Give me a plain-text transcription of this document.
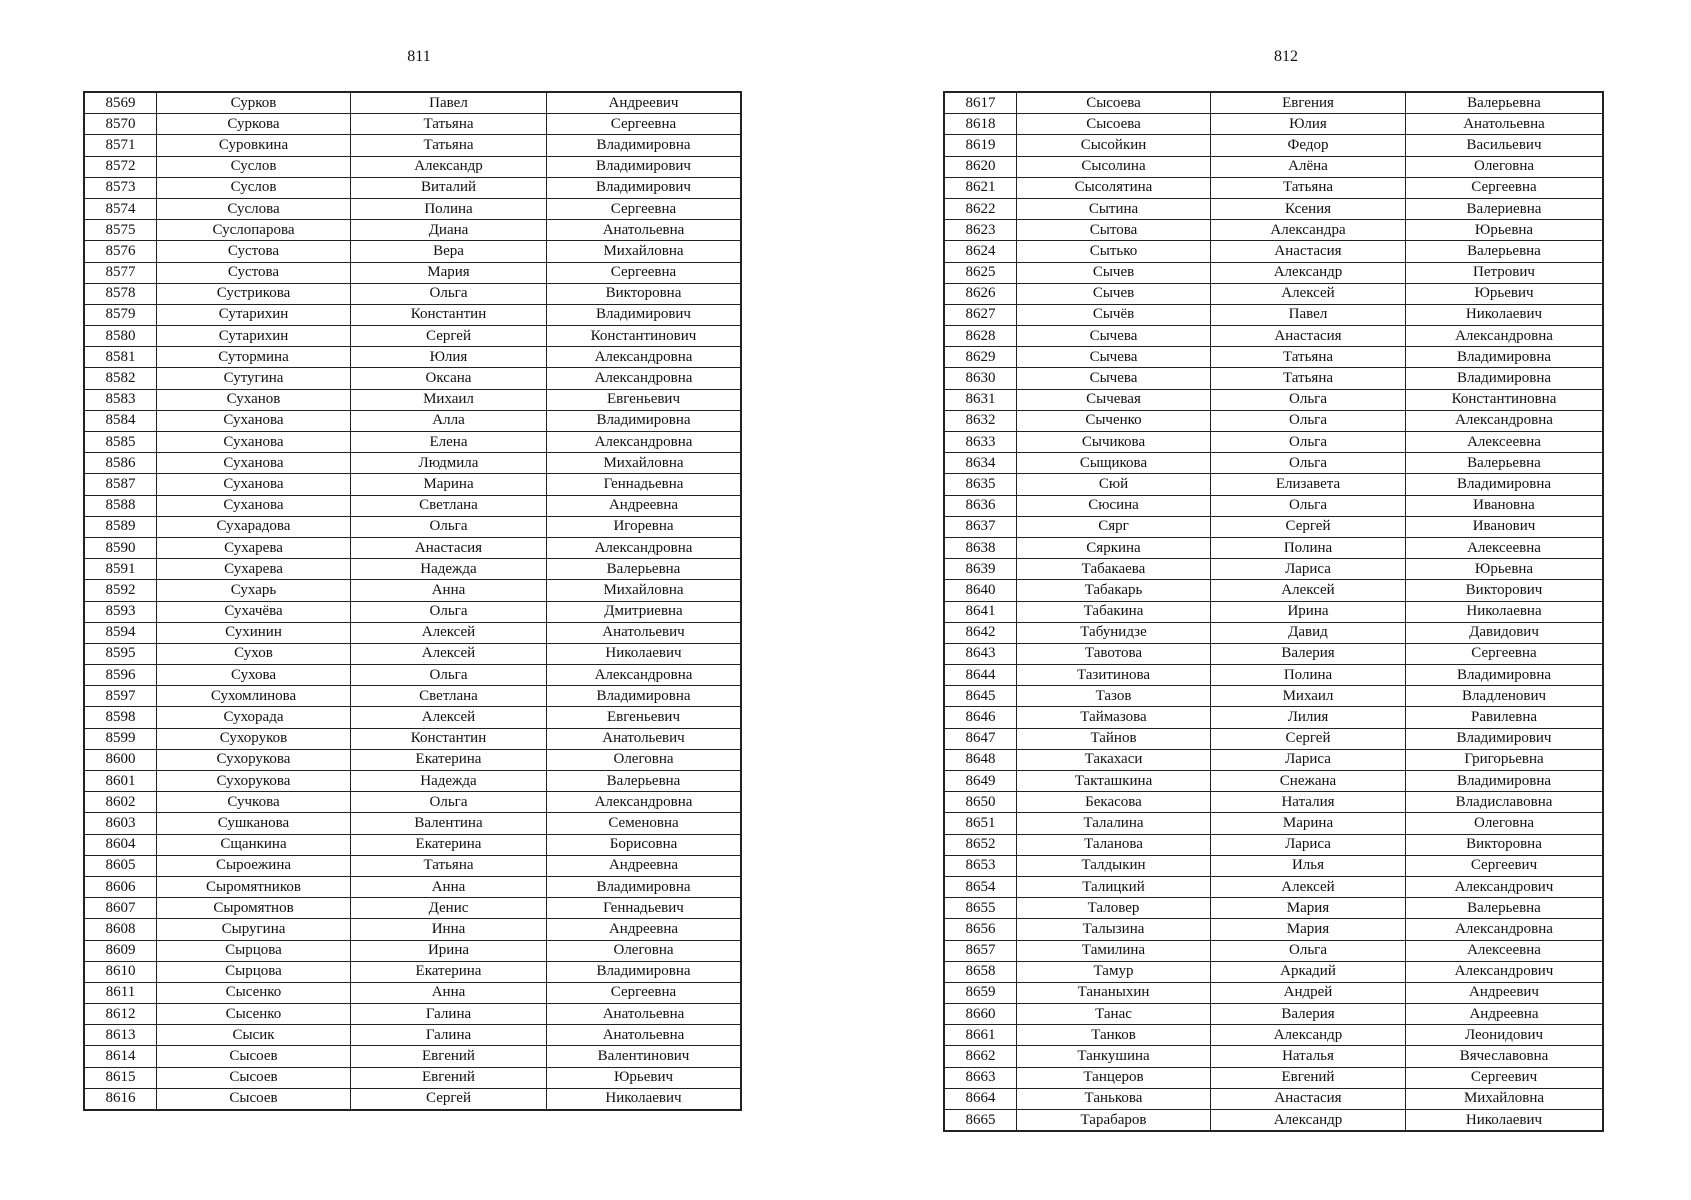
811	812
8569	Сурков	Павел	Андреевич
8570	Суркова	Татьяна	Сергеевна
8571	Суровкина	Татьяна	Владимировна
8572	Суслов	Александр	Владимирович
8573	Суслов	Виталий	Владимирович
8574	Суслова	Полина	Сергеевна
8575	Суслопарова	Диана	Анатольевна
8576	Сустова	Вера	Михайловна
8577	Сустова	Мария	Сергеевна
8578	Сустрикова	Ольга	Викторовна
8579	Сутарихин	Константин	Владимирович
8580	Сутарихин	Сергей	Константинович
8581	Сутормина	Юлия	Александровна
8582	Сутугина	Оксана	Александровна
8583	Суханов	Михаил	Евгеньевич
8584	Суханова	Алла	Владимировна
8585	Суханова	Елена	Александровна
8586	Суханова	Людмила	Михайловна
8587	Суханова	Марина	Геннадьевна
8588	Суханова	Светлана	Андреевна
8589	Сухарадова	Ольга	Игоревна
8590	Сухарева	Анастасия	Александровна
8591	Сухарева	Надежда	Валерьевна
8592	Сухарь	Анна	Михайловна
8593	Сухачёва	Ольга	Дмитриевна
8594	Сухинин	Алексей	Анатольевич
8595	Сухов	Алексей	Николаевич
8596	Сухова	Ольга	Александровна
8597	Сухомлинова	Светлана	Владимировна
8598	Сухорада	Алексей	Евгеньевич
8599	Сухоруков	Константин	Анатольевич
8600	Сухорукова	Екатерина	Олеговна
8601	Сухорукова	Надежда	Валерьевна
8602	Сучкова	Ольга	Александровна
8603	Сушканова	Валентина	Семеновна
8604	Сщанкина	Екатерина	Борисовна
8605	Сыроежина	Татьяна	Андреевна
8606	Сыромятников	Анна	Владимировна
8607	Сыромятнов	Денис	Геннадьевич
8608	Сыругина	Инна	Андреевна
8609	Сырцова	Ирина	Олеговна
8610	Сырцова	Екатерина	Владимировна
8611	Сысенко	Анна	Сергеевна
8612	Сысенко	Галина	Анатольевна
8613	Сысик	Галина	Анатольевна
8614	Сысоев	Евгений	Валентинович
8615	Сысоев	Евгений	Юрьевич
8616	Сысоев	Сергей	Николаевич
8617	Сысоева	Евгения	Валерьевна
8618	Сысоева	Юлия	Анатольевна
8619	Сысойкин	Федор	Васильевич
8620	Сысолина	Алёна	Олеговна
8621	Сысолятина	Татьяна	Сергеевна
8622	Сытина	Ксения	Валериевна
8623	Сытова	Александра	Юрьевна
8624	Сытько	Анастасия	Валерьевна
8625	Сычев	Александр	Петрович
8626	Сычев	Алексей	Юрьевич
8627	Сычёв	Павел	Николаевич
8628	Сычева	Анастасия	Александровна
8629	Сычева	Татьяна	Владимировна
8630	Сычева	Татьяна	Владимировна
8631	Сычевая	Ольга	Константиновна
8632	Сыченко	Ольга	Александровна
8633	Сычикова	Ольга	Алексеевна
8634	Сыщикова	Ольга	Валерьевна
8635	Сюй	Елизавета	Владимировна
8636	Сюсина	Ольга	Ивановна
8637	Сярг	Сергей	Иванович
8638	Сяркина	Полина	Алексеевна
8639	Табакаева	Лариса	Юрьевна
8640	Табакарь	Алексей	Викторович
8641	Табакина	Ирина	Николаевна
8642	Табунидзе	Давид	Давидович
8643	Тавотова	Валерия	Сергеевна
8644	Тазитинова	Полина	Владимировна
8645	Тазов	Михаил	Владленович
8646	Таймазова	Лилия	Равилевна
8647	Тайнов	Сергей	Владимирович
8648	Такахаси	Лариса	Григорьевна
8649	Такташкина	Снежана	Владимировна
8650	Бекасова	Наталия	Владиславовна
8651	Талалина	Марина	Олеговна
8652	Таланова	Лариса	Викторовна
8653	Талдыкин	Илья	Сергеевич
8654	Талицкий	Алексей	Александрович
8655	Таловер	Мария	Валерьевна
8656	Талызина	Мария	Александровна
8657	Тамилина	Ольга	Алексеевна
8658	Тамур	Аркадий	Александрович
8659	Тананыхин	Андрей	Андреевич
8660	Танас	Валерия	Андреевна
8661	Танков	Александр	Леонидович
8662	Танкушина	Наталья	Вячеславовна
8663	Танцеров	Евгений	Сергеевич
8664	Танькова	Анастасия	Михайловна
8665	Тарабаров	Александр	Николаевич
